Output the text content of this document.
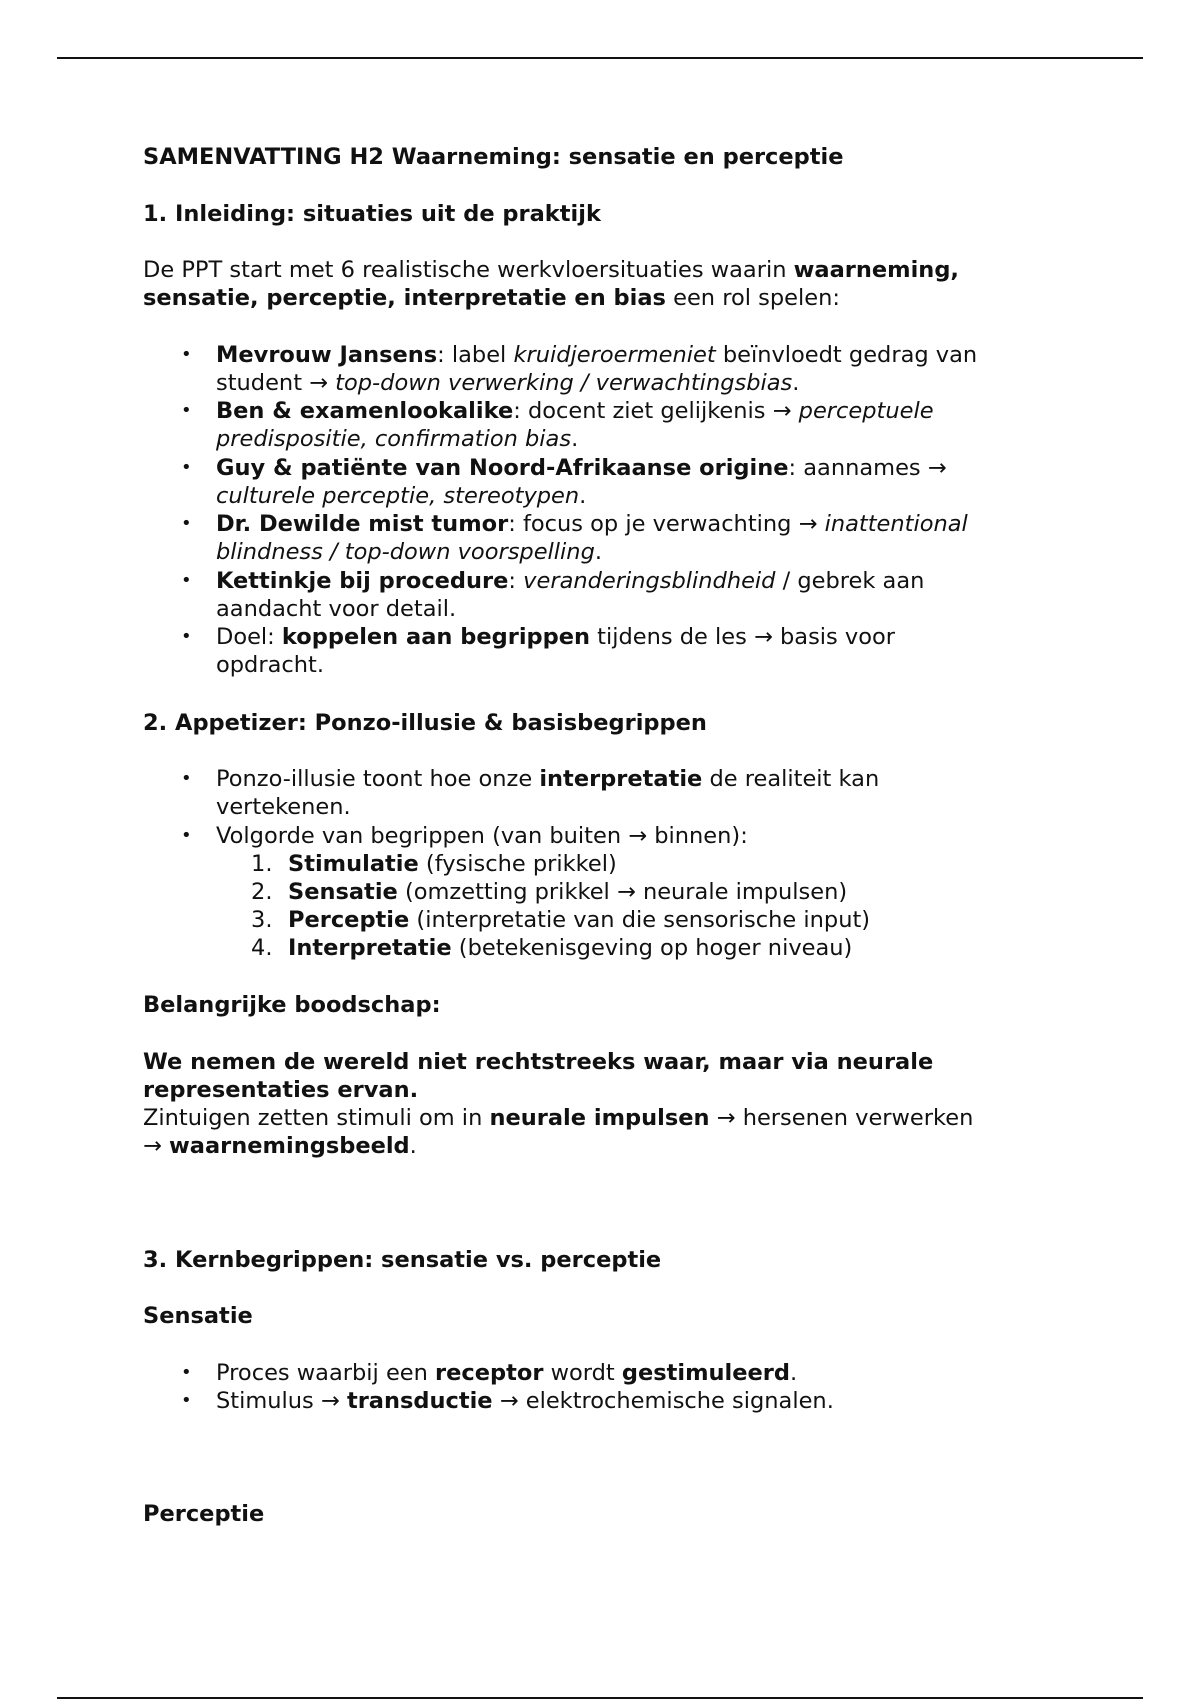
SAMENVATTING H2 Waarneming: sensatie en perceptie
1. Inleiding: situaties uit de praktijk
De PPT start met 6 realistische werkvloersituaties waarin waarneming,
sensatie, perceptie, interpretatie en bias een rol spelen:
• Mevrouw Jansens: label kruidjeroermeniet beïnvloedt gedrag van
student → top-down verwerking / verwachtingsbias.
• Ben & examenlookalike: docent ziet gelijkenis → perceptuele
predispositie, confirmation bias.
• Guy & patiënte van Noord-Afrikaanse origine: aannames →
culturele perceptie, stereotypen.
• Dr. Dewilde mist tumor: focus op je verwachting → inattentional
blindness / top-down voorspelling.
• Kettinkje bij procedure: veranderingsblindheid / gebrek aan
aandacht voor detail.
• Doel: koppelen aan begrippen tijdens de les → basis voor
opdracht.
2. Appetizer: Ponzo-illusie & basisbegrippen
• Ponzo-illusie toont hoe onze interpretatie de realiteit kan
vertekenen.
• Volgorde van begrippen (van buiten → binnen):
1. Stimulatie (fysische prikkel)
2. Sensatie (omzetting prikkel → neurale impulsen)
3. Perceptie (interpretatie van die sensorische input)
4. Interpretatie (betekenisgeving op hoger niveau)
Belangrijke boodschap:
We nemen de wereld niet rechtstreeks waar, maar via neurale
representaties ervan.
Zintuigen zetten stimuli om in neurale impulsen → hersenen verwerken
→ waarnemingsbeeld.
3. Kernbegrippen: sensatie vs. perceptie
Sensatie
• Proces waarbij een receptor wordt gestimuleerd.
• Stimulus → transductie → elektrochemische signalen.
Perceptie
